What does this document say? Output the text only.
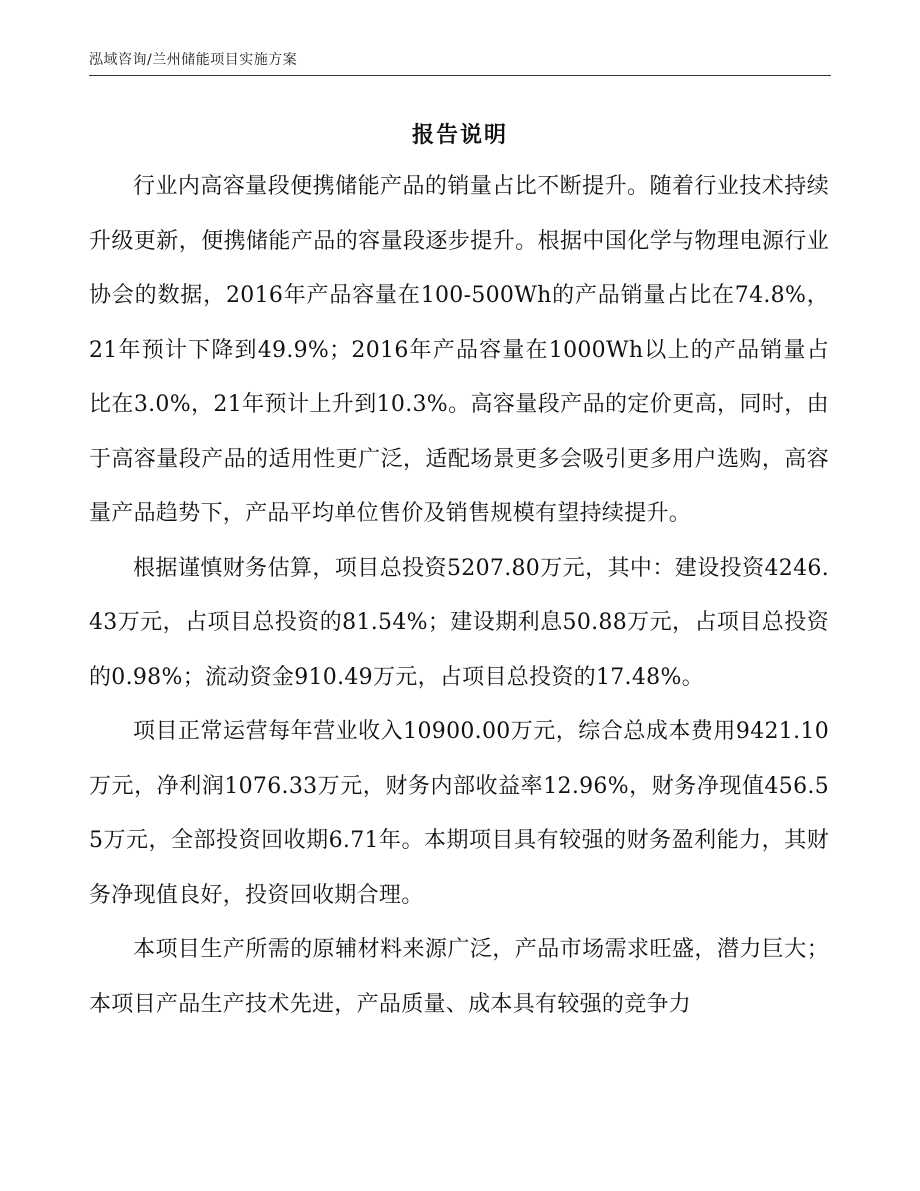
泓域咨询/兰州储能项目实施方案
报告说明

行业内高容量段便携储能产品的销量占比不断提升。随着行业技术持续升级更新，便携储能产品的容量段逐步提升。根据中国化学与物理电源行业协会的数据，2016年产品容量在100-500Wh的产品销量占比在74.8%，21年预计下降到49.9%；2016年产品容量在1000Wh以上的产品销量占比在3.0%，21年预计上升到10.3%。高容量段产品的定价更高，同时，由于高容量段产品的适用性更广泛，适配场景更多会吸引更多用户选购，高容量产品趋势下，产品平均单位售价及销售规模有望持续提升。

根据谨慎财务估算，项目总投资5207.80万元，其中：建设投资4246.43万元，占项目总投资的81.54%；建设期利息50.88万元，占项目总投资的0.98%；流动资金910.49万元，占项目总投资的17.48%。

项目正常运营每年营业收入10900.00万元，综合总成本费用9421.10万元，净利润1076.33万元，财务内部收益率12.96%，财务净现值456.55万元，全部投资回收期6.71年。本期项目具有较强的财务盈利能力，其财务净现值良好，投资回收期合理。

本项目生产所需的原辅材料来源广泛，产品市场需求旺盛，潜力巨大；本项目产品生产技术先进，产品质量、成本具有较强的竞争力
